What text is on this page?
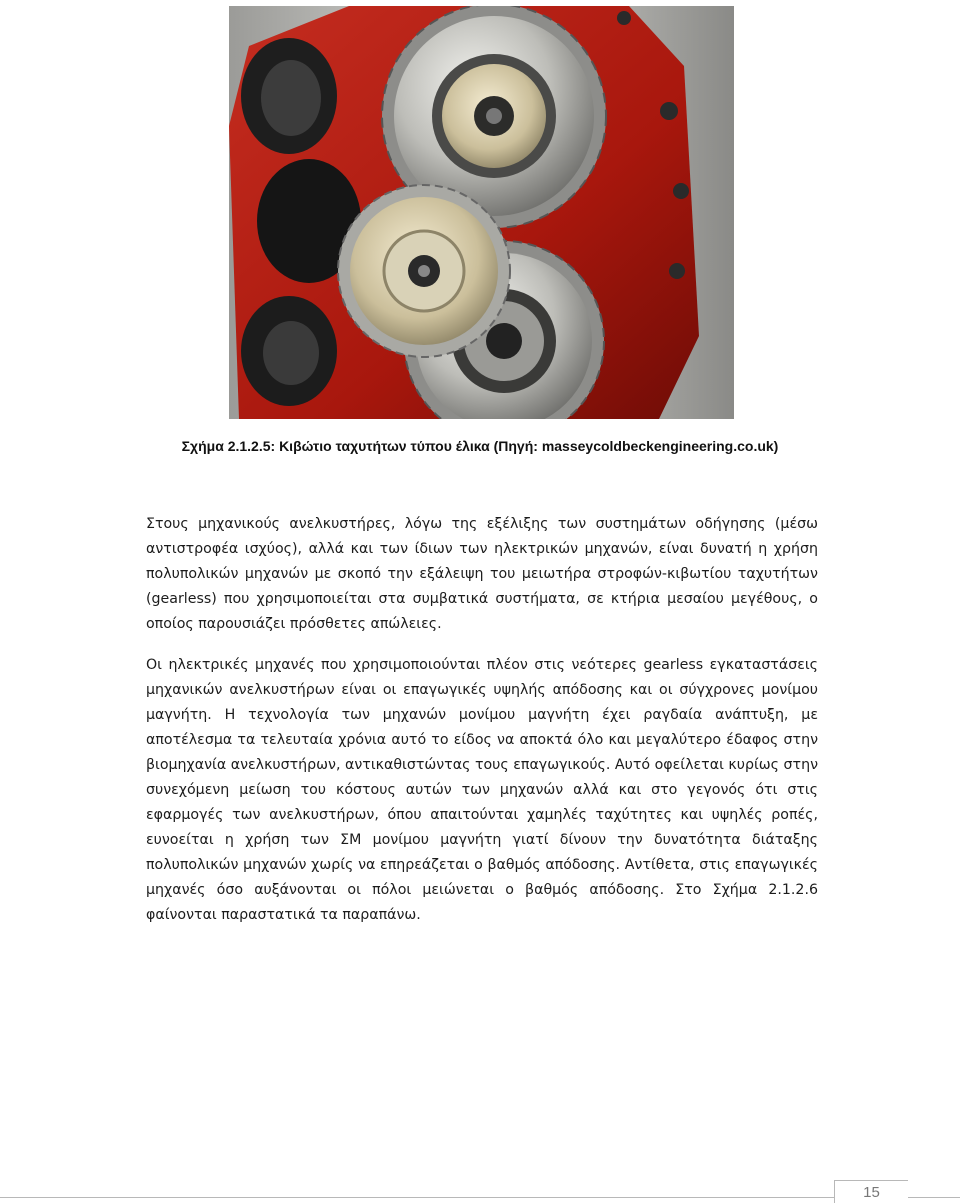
Σχήμα 2.1.2.5: Κιβώτιο ταχυτήτων τύπου έλικα (Πηγή: masseycoldbeckengineering.co.uk)

Στους μηχανικούς ανελκυστήρες, λόγω της εξέλιξης των συστημάτων οδήγησης (μέσω αντιστροφέα ισχύος), αλλά και των ίδιων των ηλεκτρικών μηχανών, είναι δυνατή η χρήση πολυπολικών μηχανών με σκοπό την εξάλειψη του μειωτήρα στροφών-κιβωτίου ταχυτήτων (gearless) που χρησιμοποιείται στα συμβατικά συστήματα, σε κτήρια μεσαίου μεγέθους, ο οποίος παρουσιάζει πρόσθετες απώλειες.

Οι ηλεκτρικές μηχανές που χρησιμοποιούνται πλέον στις νεότερες gearless εγκαταστάσεις μηχανικών ανελκυστήρων είναι οι επαγωγικές υψηλής απόδοσης και οι σύγχρονες μονίμου μαγνήτη. Η τεχνολογία των μηχανών μονίμου μαγνήτη έχει ραγδαία ανάπτυξη, με αποτέλεσμα τα τελευταία χρόνια αυτό το είδος να αποκτά όλο και μεγαλύτερο έδαφος στην βιομηχανία ανελκυστήρων, αντικαθιστώντας τους επαγωγικούς. Αυτό οφείλεται κυρίως στην συνεχόμενη μείωση του κόστους αυτών των μηχανών αλλά και στο γεγονός ότι στις εφαρμογές των ανελκυστήρων, όπου απαιτούνται χαμηλές ταχύτητες και υψηλές ροπές, ευνοείται η χρήση των ΣΜ μονίμου μαγνήτη γιατί δίνουν την δυνατότητα διάταξης πολυπολικών μηχανών χωρίς να επηρεάζεται ο βαθμός απόδοσης. Αντίθετα, στις επαγωγικές μηχανές όσο αυξάνονται οι πόλοι μειώνεται ο βαθμός απόδοσης. Στο Σχήμα 2.1.2.6 φαίνονται παραστατικά τα παραπάνω.

15
